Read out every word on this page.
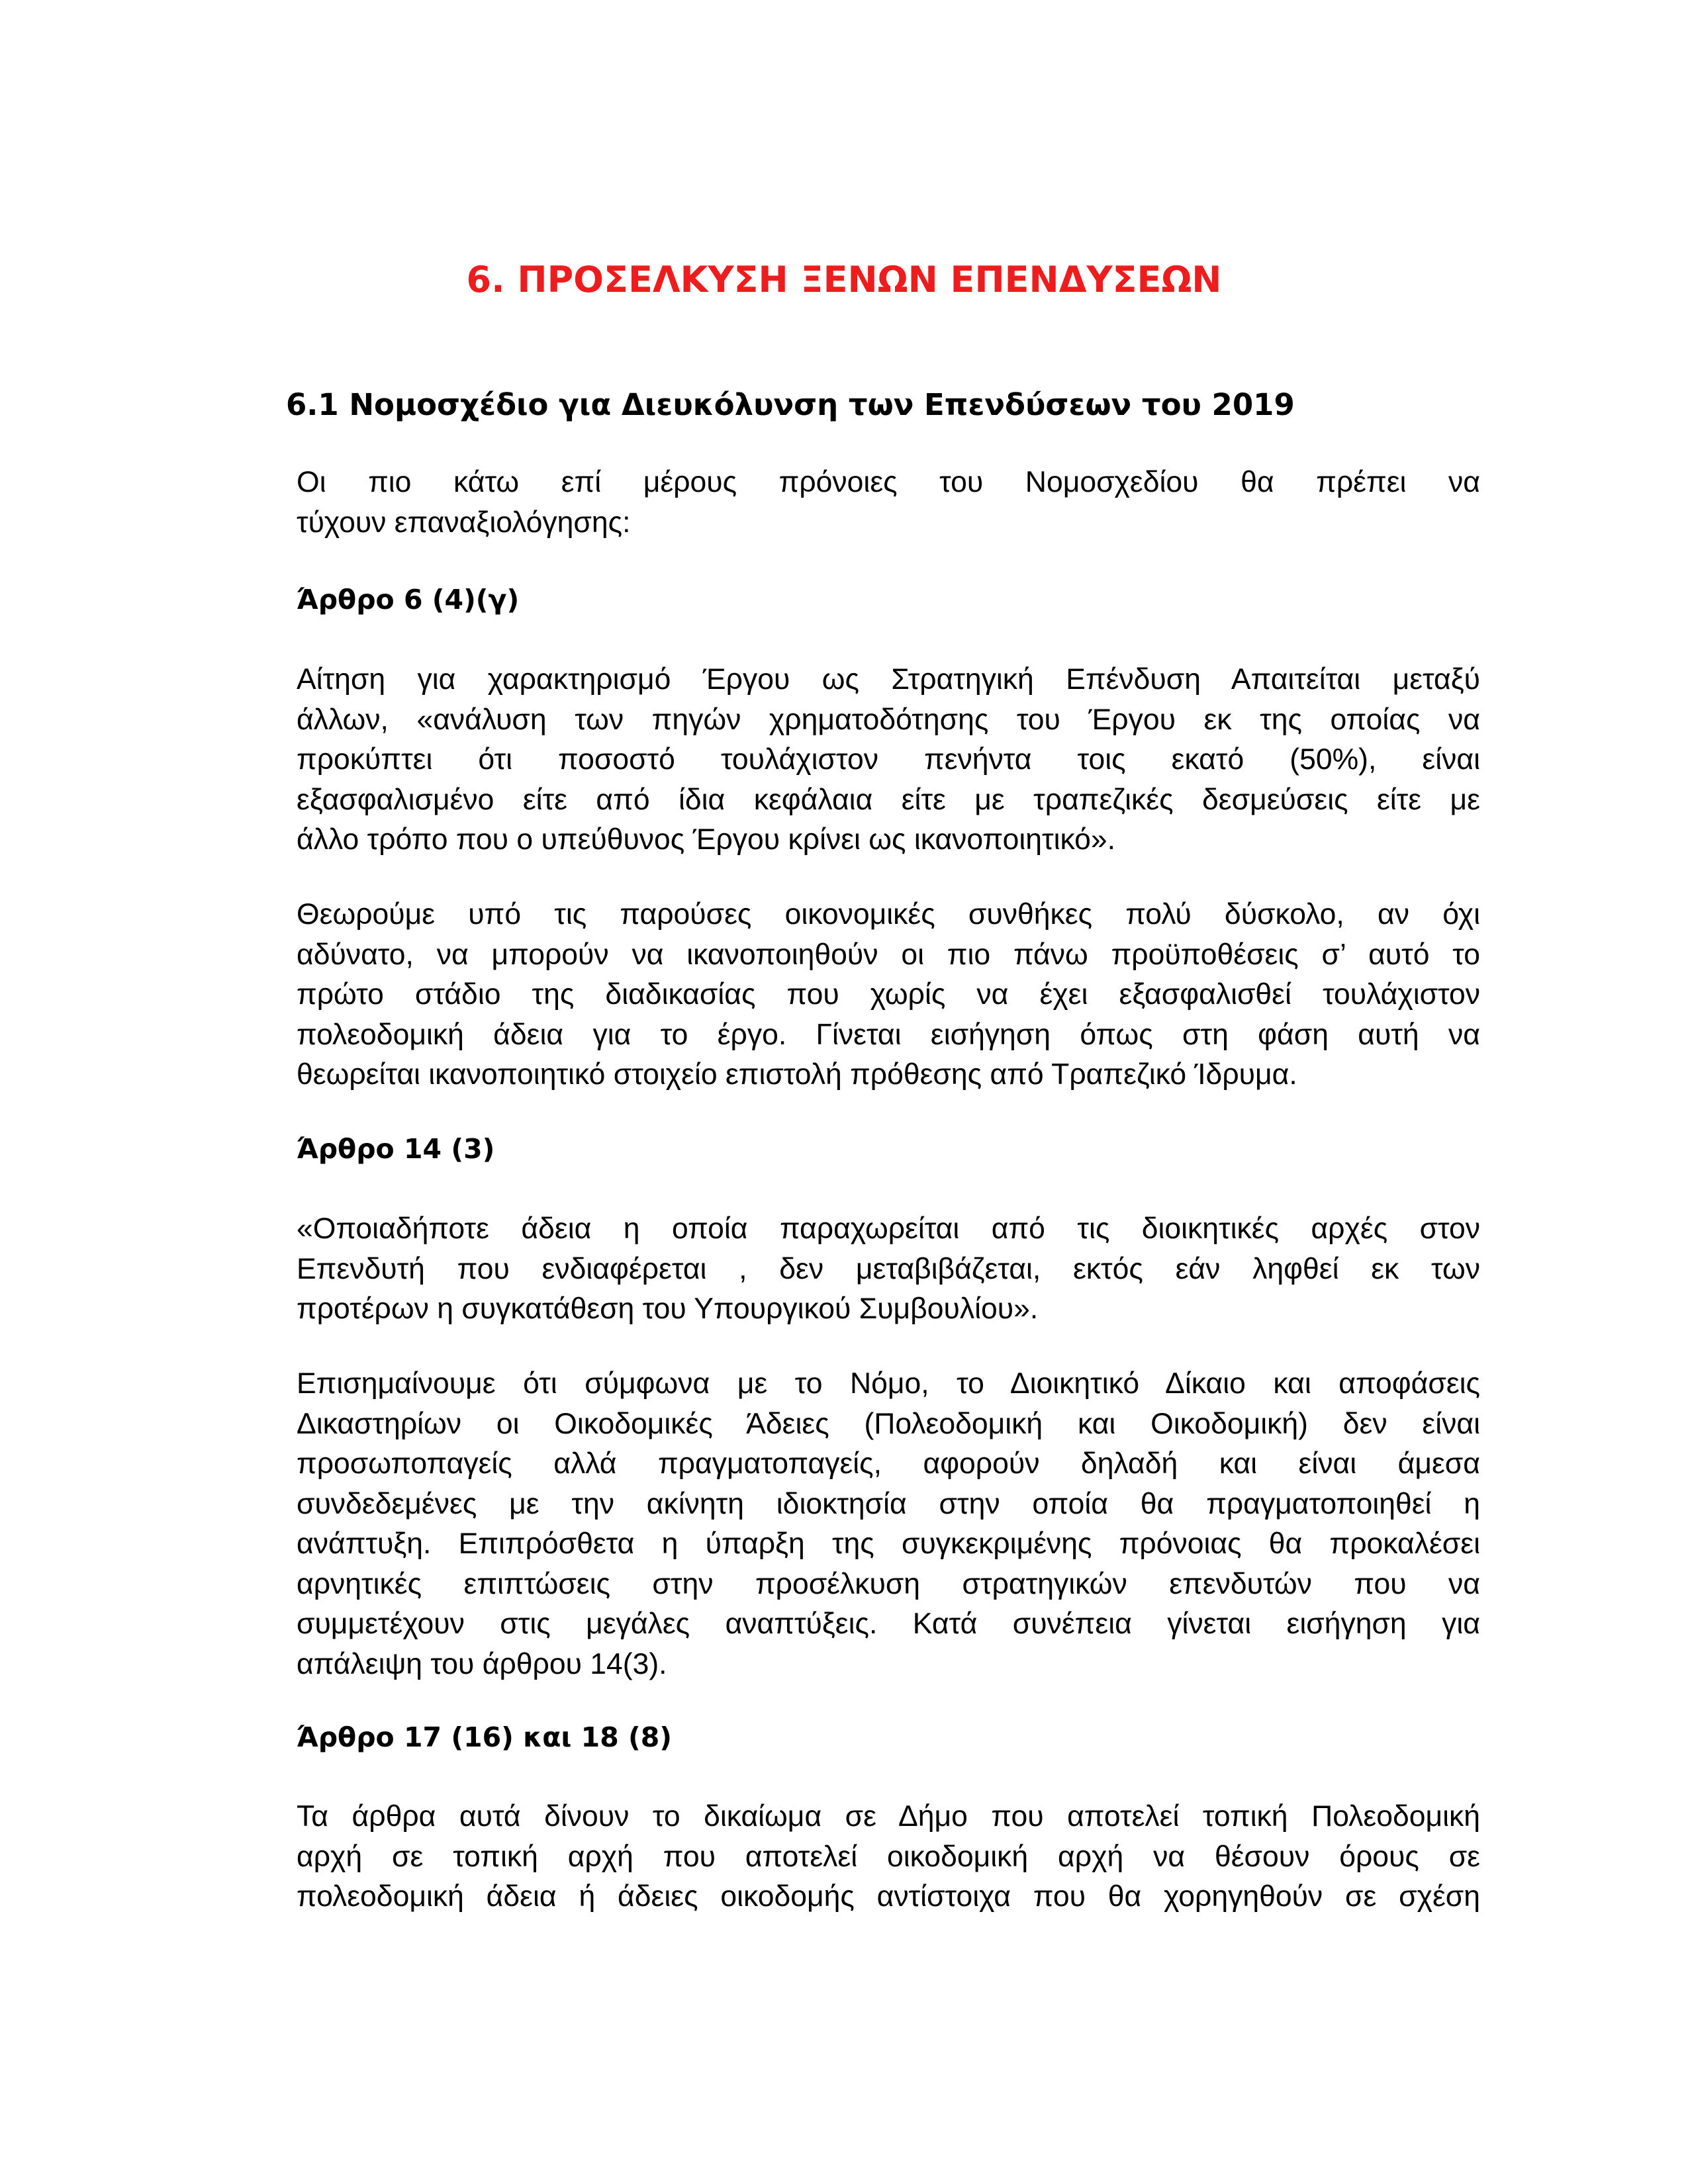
6. ΠΡΟΣΕΛΚΥΣΗ ΞΕΝΩΝ ΕΠΕΝΔΥΣΕΩΝ
6.1 Νομοσχέδιο για Διευκόλυνση των Επενδύσεων του 2019

Οι πιο κάτω επί μέρους πρόνοιες του Νομοσχεδίου θα πρέπει να
τύχουν επαναξιολόγησης:

Άρθρο 6 (4)(γ)

Αίτηση για χαρακτηρισμό Έργου ως Στρατηγική Επένδυση Απαιτείται μεταξύ
άλλων, «ανάλυση των πηγών χρηματοδότησης του Έργου εκ της οποίας να
προκύπτει ότι ποσοστό τουλάχιστον πενήντα τοις εκατό (50%), είναι
εξασφαλισμένο είτε από ίδια κεφάλαια είτε με τραπεζικές δεσμεύσεις είτε με
άλλο τρόπο που ο υπεύθυνος Έργου κρίνει ως ικανοποιητικό».

Θεωρούμε υπό τις παρούσες οικονομικές συνθήκες πολύ δύσκολο, αν όχι
αδύνατο, να μπορούν να ικανοποιηθούν οι πιο πάνω προϋποθέσεις σ’ αυτό το
πρώτο στάδιο της διαδικασίας που χωρίς να έχει εξασφαλισθεί τουλάχιστον
πολεοδομική άδεια για το έργο. Γίνεται εισήγηση όπως στη φάση αυτή να
θεωρείται ικανοποιητικό στοιχείο επιστολή πρόθεσης από Τραπεζικό Ίδρυμα.

Άρθρο 14 (3)

«Οποιαδήποτε άδεια η οποία παραχωρείται από τις διοικητικές αρχές στον
Επενδυτή που ενδιαφέρεται , δεν μεταβιβάζεται, εκτός εάν ληφθεί εκ των
προτέρων η συγκατάθεση του Υπουργικού Συμβουλίου».

Επισημαίνουμε ότι σύμφωνα με το Νόμο, το Διοικητικό Δίκαιο και αποφάσεις
Δικαστηρίων οι Οικοδομικές Άδειες (Πολεοδομική και Οικοδομική) δεν είναι
προσωποπαγείς αλλά πραγματοπαγείς, αφορούν δηλαδή και είναι άμεσα
συνδεδεμένες με την ακίνητη ιδιοκτησία στην οποία θα πραγματοποιηθεί η
ανάπτυξη. Επιπρόσθετα η ύπαρξη της συγκεκριμένης πρόνοιας θα προκαλέσει
αρνητικές επιπτώσεις στην προσέλκυση στρατηγικών επενδυτών που να
συμμετέχουν στις μεγάλες αναπτύξεις. Κατά συνέπεια γίνεται εισήγηση για
απάλειψη του άρθρου 14(3).

Άρθρο 17 (16) και 18 (8)

Τα άρθρα αυτά δίνουν το δικαίωμα σε Δήμο που αποτελεί τοπική Πολεοδομική
αρχή σε τοπική αρχή που αποτελεί οικοδομική αρχή να θέσουν όρους σε
πολεοδομική άδεια ή άδειες οικοδομής αντίστοιχα που θα χορηγηθούν σε σχέση
